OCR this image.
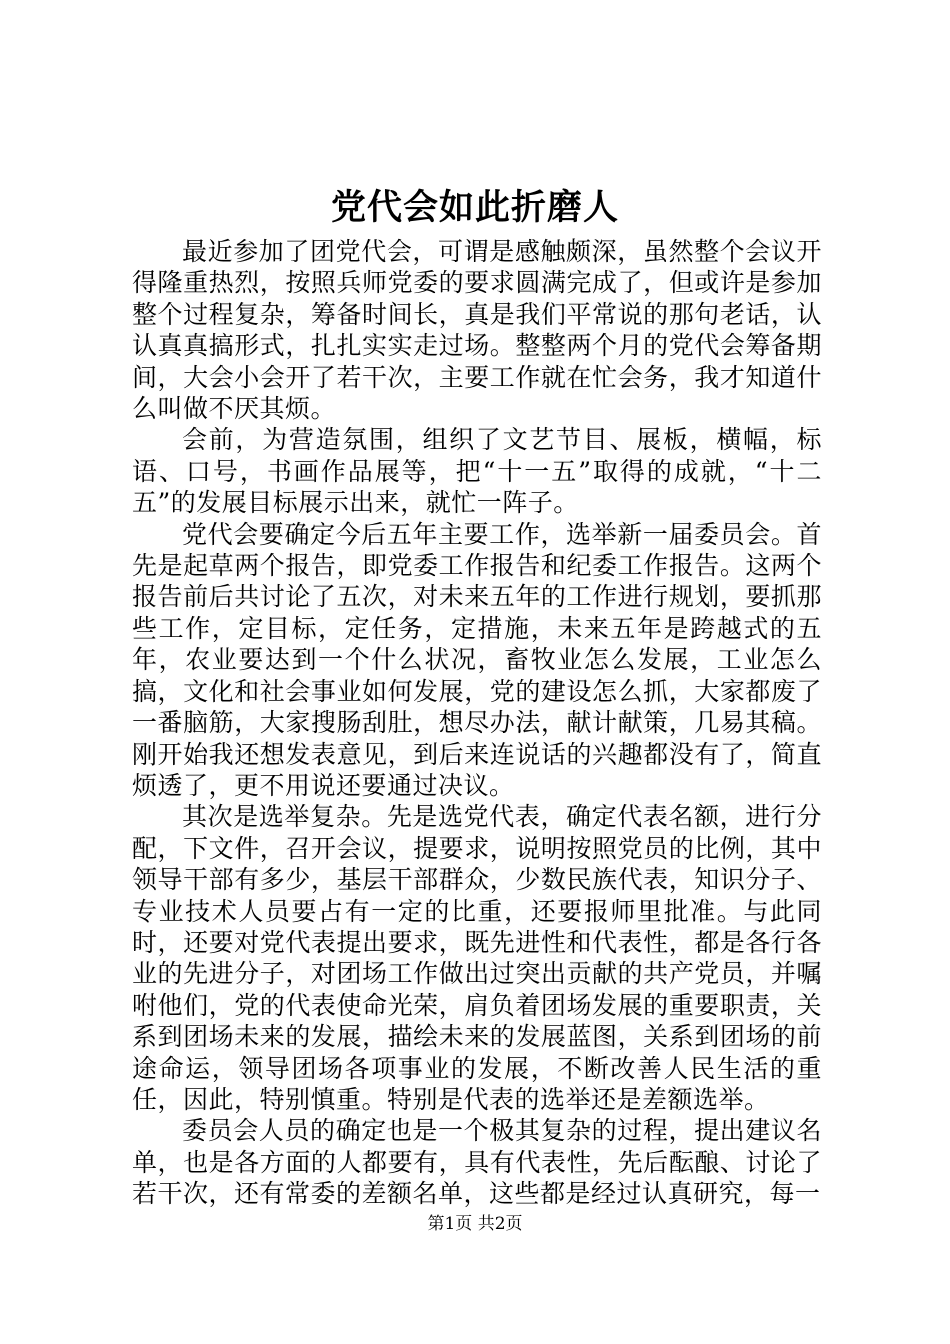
党代会如此折磨人

最近参加了团党代会，可谓是感触颇深，虽然整个会议开得隆重热烈，按照兵师党委的要求圆满完成了，但或许是参加整个过程复杂，筹备时间长，真是我们平常说的那句老话，认认真真搞形式，扎扎实实走过场。整整两个月的党代会筹备期间，大会小会开了若干次，主要工作就在忙会务，我才知道什么叫做不厌其烦。

会前，为营造氛围，组织了文艺节目、展板，横幅，标语、口号，书画作品展等，把“十一五”取得的成就，“十二五”的发展目标展示出来，就忙一阵子。

党代会要确定今后五年主要工作，选举新一届委员会。首先是起草两个报告，即党委工作报告和纪委工作报告。这两个报告前后共讨论了五次，对未来五年的工作进行规划，要抓那些工作，定目标，定任务，定措施，未来五年是跨越式的五年，农业要达到一个什么状况，畜牧业怎么发展，工业怎么搞，文化和社会事业如何发展，党的建设怎么抓，大家都废了一番脑筋，大家搜肠刮肚，想尽办法，献计献策，几易其稿。刚开始我还想发表意见，到后来连说话的兴趣都没有了，简直烦透了，更不用说还要通过决议。

其次是选举复杂。先是选党代表，确定代表名额，进行分配，下文件，召开会议，提要求，说明按照党员的比例，其中领导干部有多少，基层干部群众，少数民族代表，知识分子、专业技术人员要占有一定的比重，还要报师里批准。与此同时，还要对党代表提出要求，既先进性和代表性，都是各行各业的先进分子，对团场工作做出过突出贡献的共产党员，并嘱咐他们，党的代表使命光荣，肩负着团场发展的重要职责，关系到团场未来的发展，描绘未来的发展蓝图，关系到团场的前途命运，领导团场各项事业的发展，不断改善人民生活的重任，因此，特别慎重。特别是代表的选举还是差额选举。

委员会人员的确定也是一个极其复杂的过程，提出建议名单，也是各方面的人都要有，具有代表性，先后酝酿、讨论了若干次，还有常委的差额名单，这些都是经过认真研究，每一

第1页 共2页
